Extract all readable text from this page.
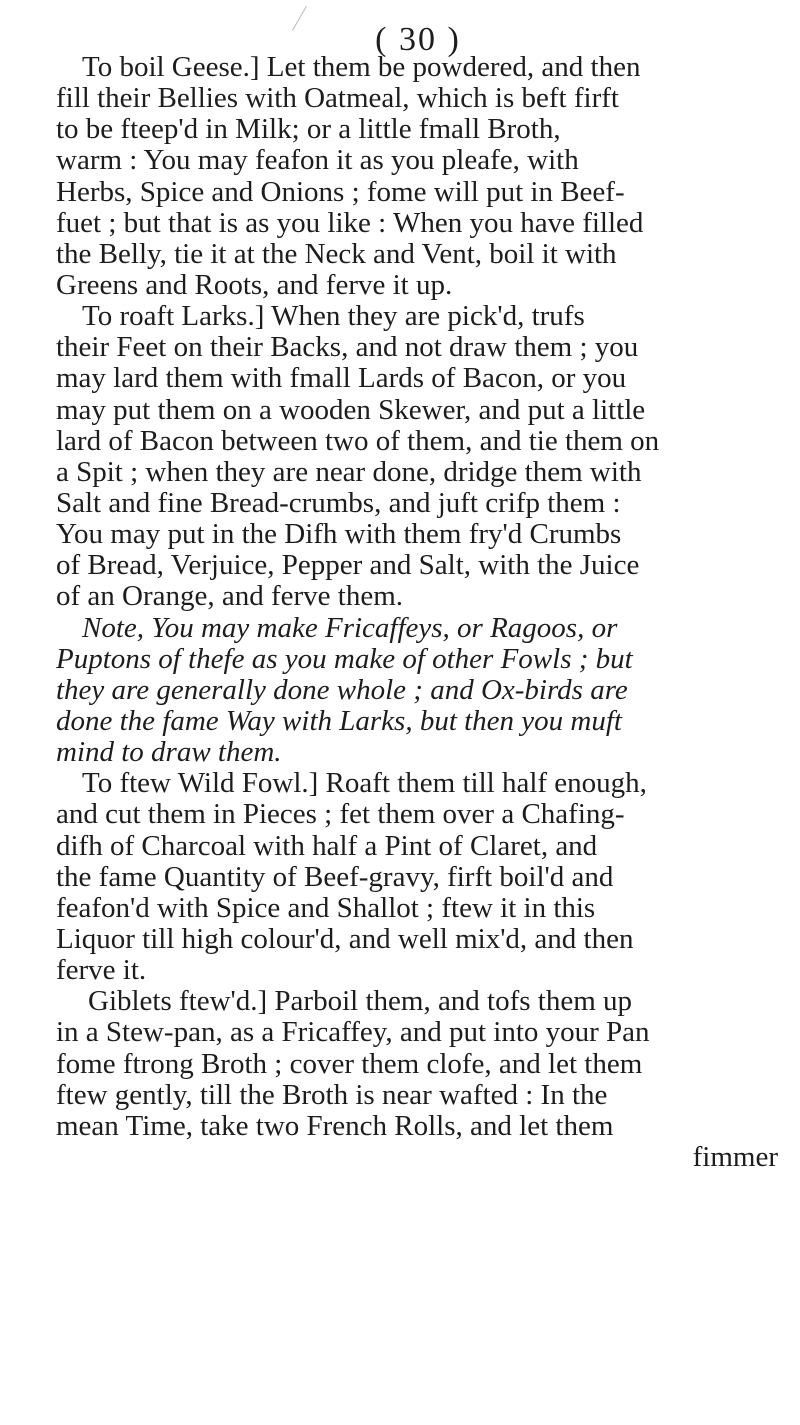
( 30 )
To boil Geese.] Let them be powdered, and then
fill their Bellies with Oatmeal, which is beft firft
to be fteep'd in Milk; or a little fmall Broth,
warm : You may feafon it as you pleafe, with
Herbs, Spice and Onions ; fome will put in Beef-
fuet ; but that is as you like : When you have filled
the Belly, tie it at the Neck and Vent, boil it with
Greens and Roots, and ferve it up.
To roaft Larks.] When they are pick'd, trufs
their Feet on their Backs, and not draw them ; you
may lard them with fmall Lards of Bacon, or you
may put them on a wooden Skewer, and put a little
lard of Bacon between two of them, and tie them on
a Spit ; when they are near done, dridge them with
Salt and fine Bread-crumbs, and juft crifp them :
You may put in the Difh with them fry'd Crumbs
of Bread, Verjuice, Pepper and Salt, with the Juice
of an Orange, and ferve them.
Note, You may make Fricaffeys, or Ragoos, or
Puptons of thefe as you make of other Fowls ; but
they are generally done whole ; and Ox-birds are
done the fame Way with Larks, but then you muft
mind to draw them.
To ftew Wild Fowl.] Roaft them till half enough,
and cut them in Pieces ; fet them over a Chafing-
difh of Charcoal with half a Pint of Claret, and
the fame Quantity of Beef-gravy, firft boil'd and
feafon'd with Spice and Shallot ; ftew it in this
Liquor till high colour'd, and well mix'd, and then
ferve it.
Giblets ftew'd.] Parboil them, and tofs them up
in a Stew-pan, as a Fricaffey, and put into your Pan
fome ftrong Broth ; cover them clofe, and let them
ftew gently, till the Broth is near wafted : In the
mean Time, take two French Rolls, and let them
fimmer
